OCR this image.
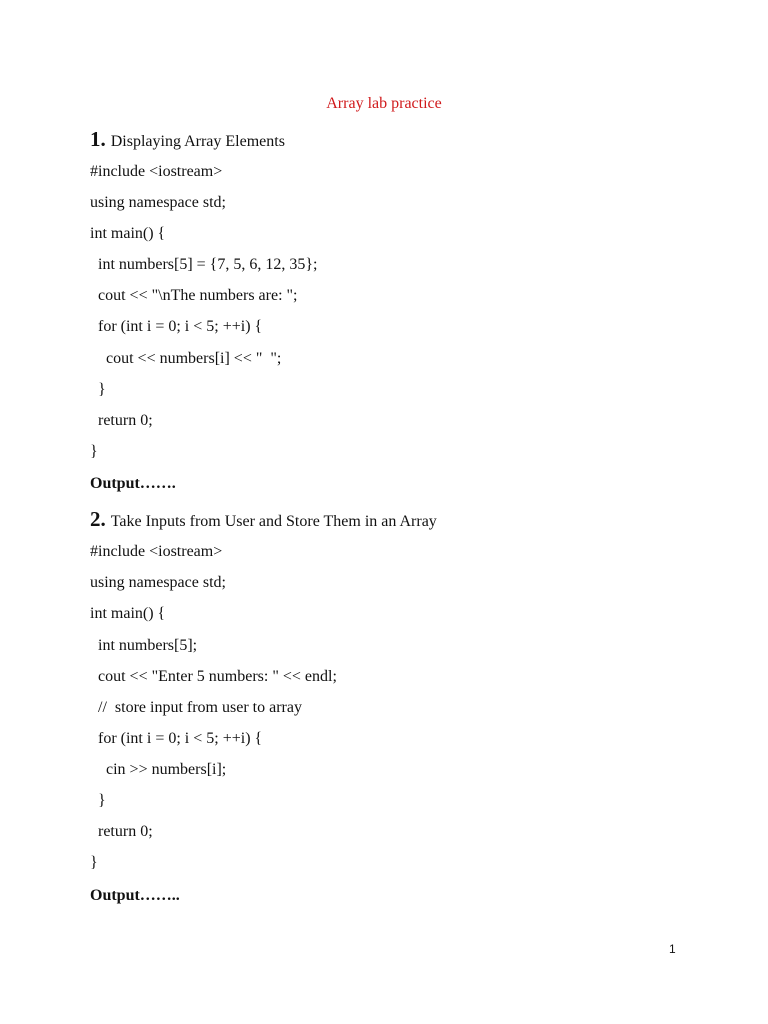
Array lab practice
1. Displaying Array Elements
#include <iostream>
using namespace std;
int main() {
int numbers[5] = {7, 5, 6, 12, 35};
cout << "\nThe numbers are: ";
for (int i = 0; i < 5; ++i) {
cout << numbers[i] << "  ";
}
return 0;
}
Output…….
2. Take Inputs from User and Store Them in an Array
#include <iostream>
using namespace std;
int main() {
int numbers[5];
cout << "Enter 5 numbers: " << endl;
//  store input from user to array
for (int i = 0; i < 5; ++i) {
cin >> numbers[i];
}
return 0;
}
Output……..
1
